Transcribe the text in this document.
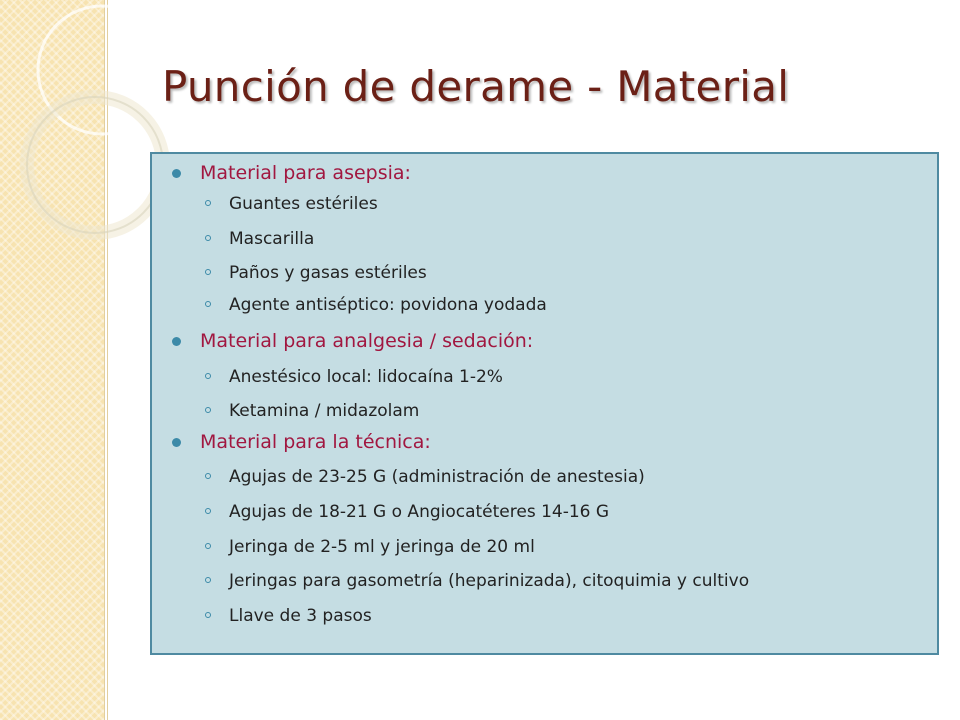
Punción de derame - Material
Material para asepsia:
Guantes estériles
Mascarilla
Paños y gasas estériles
Agente antiséptico: povidona yodada
Material para analgesia / sedación:
Anestésico local: lidocaína 1-2%
Ketamina / midazolam
Material para la técnica:
Agujas de 23-25 G (administración de anestesia)
Agujas de 18-21 G o Angiocatéteres 14-16 G
Jeringa de 2-5 ml y jeringa de 20 ml
Jeringas para gasometría (heparinizada), citoquimia y cultivo
Llave de 3 pasos
